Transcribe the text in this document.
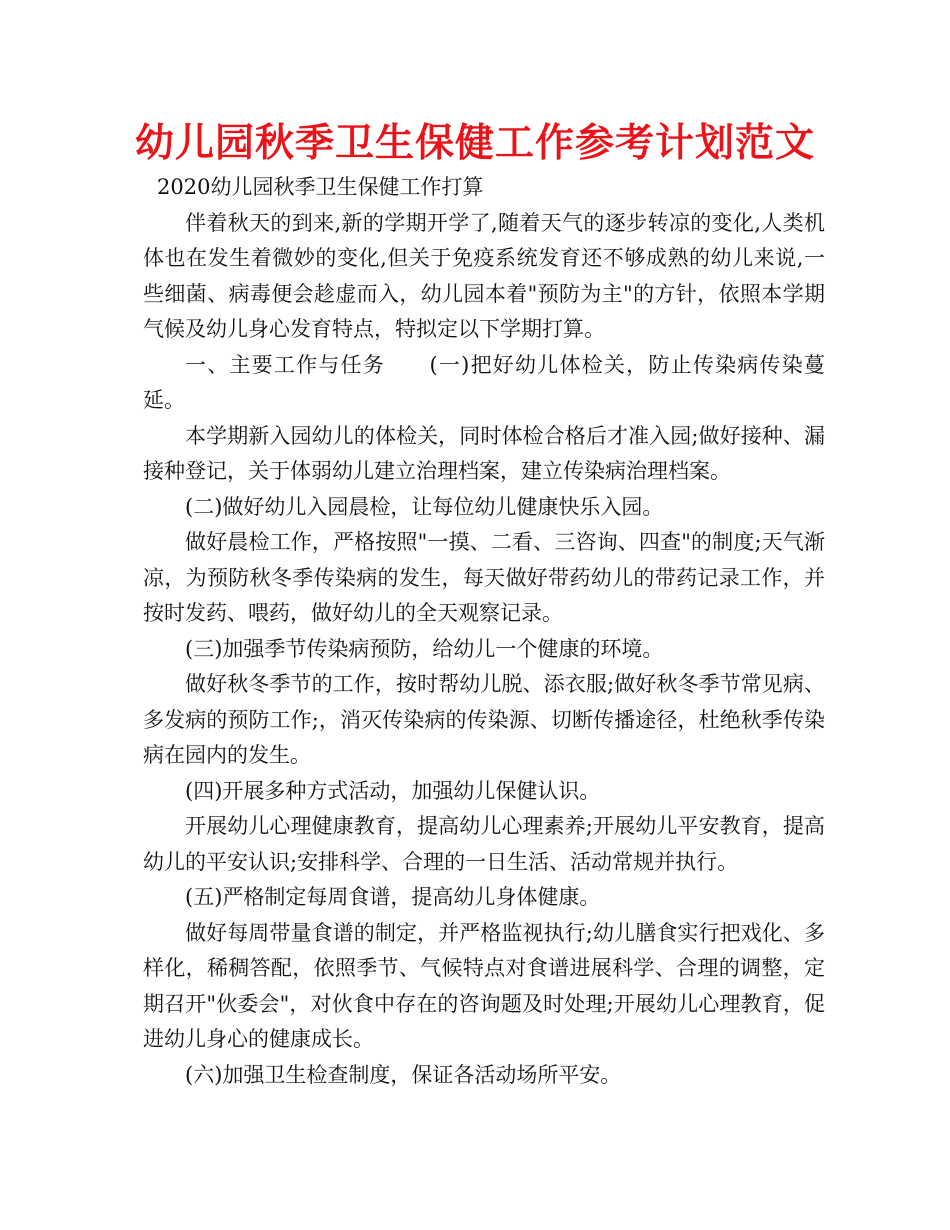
幼儿园秋季卫生保健工作参考计划范文

2020幼儿园秋季卫生保健工作打算

伴着秋天的到来,新的学期开学了,随着天气的逐步转凉的变化,人类机体也在发生着微妙的变化,但关于免疫系统发育还不够成熟的幼儿来说,一些细菌、病毒便会趁虚而入，幼儿园本着"预防为主"的方针，依照本学期气候及幼儿身心发育特点，特拟定以下学期打算。

一、主要工作与任务　　(一)把好幼儿体检关，防止传染病传染蔓延。

本学期新入园幼儿的体检关，同时体检合格后才准入园;做好接种、漏接种登记，关于体弱幼儿建立治理档案，建立传染病治理档案。

(二)做好幼儿入园晨检，让每位幼儿健康快乐入园。

做好晨检工作，严格按照"一摸、二看、三咨询、四查"的制度;天气渐凉，为预防秋冬季传染病的发生，每天做好带药幼儿的带药记录工作，并按时发药、喂药，做好幼儿的全天观察记录。

(三)加强季节传染病预防，给幼儿一个健康的环境。

做好秋冬季节的工作，按时帮幼儿脱、添衣服;做好秋冬季节常见病、多发病的预防工作;，消灭传染病的传染源、切断传播途径，杜绝秋季传染病在园内的发生。

(四)开展多种方式活动，加强幼儿保健认识。

开展幼儿心理健康教育，提高幼儿心理素养;开展幼儿平安教育，提高幼儿的平安认识;安排科学、合理的一日生活、活动常规并执行。

(五)严格制定每周食谱，提高幼儿身体健康。

做好每周带量食谱的制定，并严格监视执行;幼儿膳食实行把戏化、多样化，稀稠答配，依照季节、气候特点对食谱进展科学、合理的调整，定期召开"伙委会"，对伙食中存在的咨询题及时处理;开展幼儿心理教育，促进幼儿身心的健康成长。

(六)加强卫生检查制度，保证各活动场所平安。
